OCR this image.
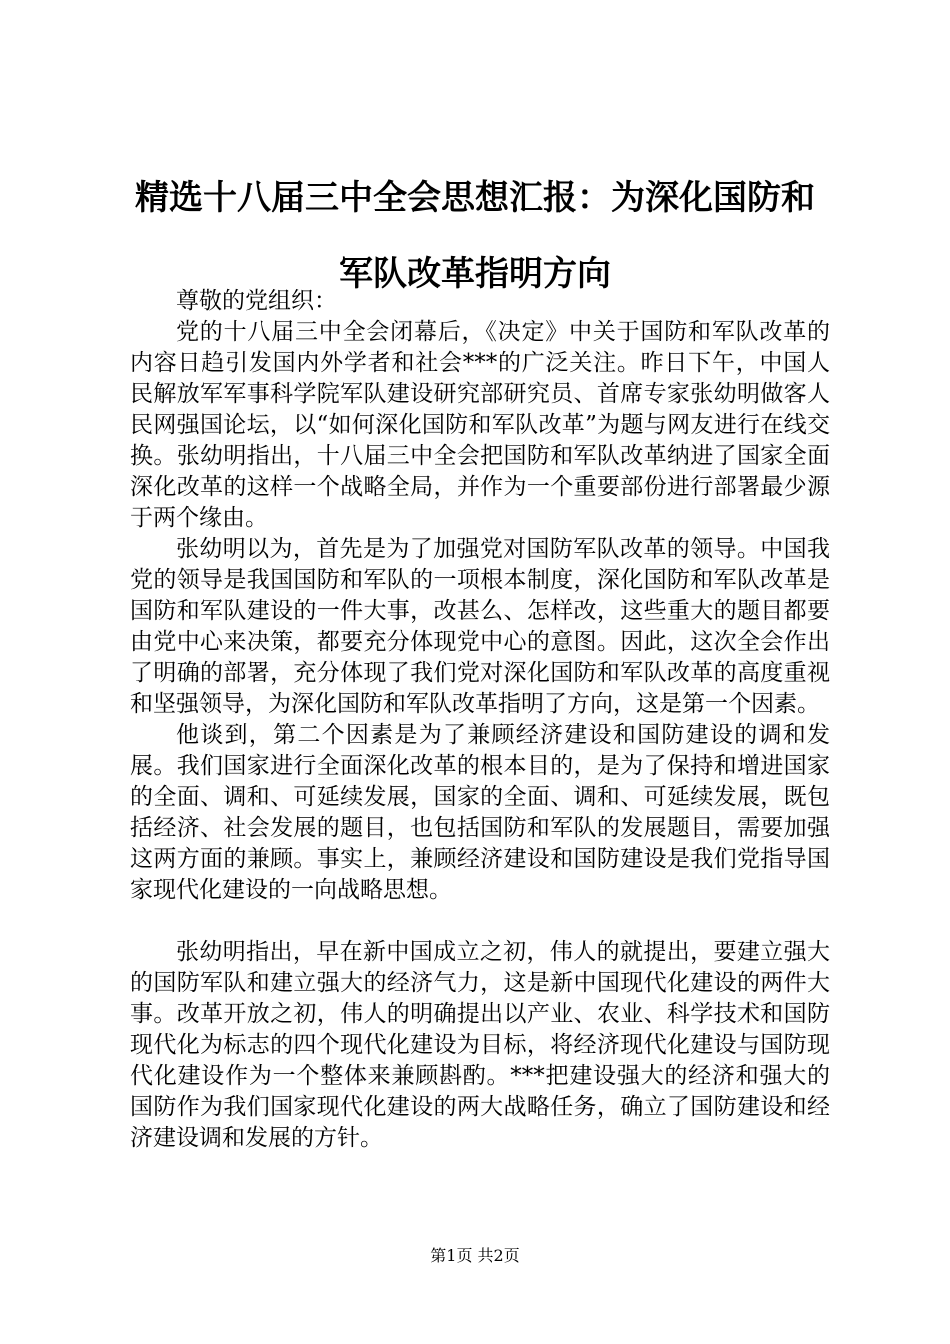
精选十八届三中全会思想汇报：为深化国防和
军队改革指明方向

尊敬的党组织：

党的十八届三中全会闭幕后，《决定》中关于国防和军队改革的内容日趋引发国内外学者和社会***的广泛关注。昨日下午，中国人民解放军军事科学院军队建设研究部研究员、首席专家张幼明做客人民网强国论坛，以“如何深化国防和军队改革”为题与网友进行在线交换。张幼明指出，十八届三中全会把国防和军队改革纳进了国家全面深化改革的这样一个战略全局，并作为一个重要部份进行部署最少源于两个缘由。

张幼明以为，首先是为了加强党对国防军队改革的领导。中国我党的领导是我国国防和军队的一项根本制度，深化国防和军队改革是国防和军队建设的一件大事，改甚么、怎样改，这些重大的题目都要由党中心来决策，都要充分体现党中心的意图。因此，这次全会作出了明确的部署，充分体现了我们党对深化国防和军队改革的高度重视和坚强领导，为深化国防和军队改革指明了方向，这是第一个因素。

他谈到，第二个因素是为了兼顾经济建设和国防建设的调和发展。我们国家进行全面深化改革的根本目的，是为了保持和增进国家的全面、调和、可延续发展，国家的全面、调和、可延续发展，既包括经济、社会发展的题目，也包括国防和军队的发展题目，需要加强这两方面的兼顾。事实上，兼顾经济建设和国防建设是我们党指导国家现代化建设的一向战略思想。

张幼明指出，早在新中国成立之初，伟人的就提出，要建立强大的国防军队和建立强大的经济气力，这是新中国现代化建设的两件大事。改革开放之初，伟人的明确提出以产业、农业、科学技术和国防现代化为标志的四个现代化建设为目标，将经济现代化建设与国防现代化建设作为一个整体来兼顾斟酌。***把建设强大的经济和强大的国防作为我们国家现代化建设的两大战略任务，确立了国防建设和经济建设调和发展的方针。

第1页 共2页
